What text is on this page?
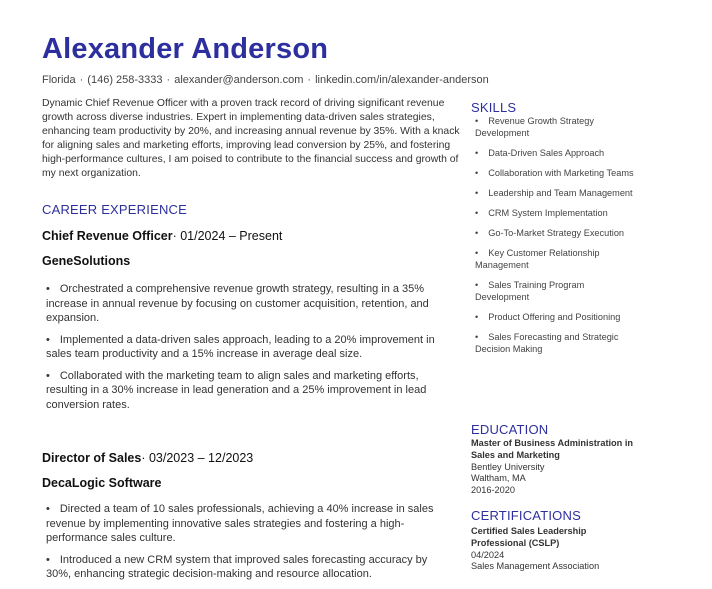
Alexander Anderson
Florida · (146) 258-3333 · alexander@anderson.com · linkedin.com/in/alexander-anderson

Dynamic Chief Revenue Officer with a proven track record of driving significant revenue growth across diverse industries. Expert in implementing data-driven sales strategies, enhancing team productivity by 20%, and increasing annual revenue by 35%. With a knack for aligning sales and marketing efforts, improving lead conversion by 25%, and fostering high-performance cultures, I am poised to contribute to the financial success and growth of my next organization.

CAREER EXPERIENCE
Chief Revenue Officer· 01/2024 – Present
GeneSolutions
• Orchestrated a comprehensive revenue growth strategy, resulting in a 35% increase in annual revenue by focusing on customer acquisition, retention, and expansion.
• Implemented a data-driven sales approach, leading to a 20% improvement in sales team productivity and a 15% increase in average deal size.
• Collaborated with the marketing team to align sales and marketing efforts, resulting in a 30% increase in lead generation and a 25% improvement in lead conversion rates.
Director of Sales· 03/2023 – 12/2023
DecaLogic Software
• Directed a team of 10 sales professionals, achieving a 40% increase in sales revenue by implementing innovative sales strategies and fostering a high-performance sales culture.
• Introduced a new CRM system that improved sales forecasting accuracy by 30%, enhancing strategic decision-making and resource allocation.
SKILLS
• Revenue Growth Strategy Development
• Data-Driven Sales Approach
• Collaboration with Marketing Teams
• Leadership and Team Management
• CRM System Implementation
• Go-To-Market Strategy Execution
• Key Customer Relationship Management
• Sales Training Program Development
• Product Offering and Positioning
• Sales Forecasting and Strategic Decision Making
EDUCATION
Master of Business Administration in Sales and Marketing
Bentley University
Waltham, MA
2016-2020
CERTIFICATIONS
Certified Sales Leadership Professional (CSLP)
04/2024
Sales Management Association
